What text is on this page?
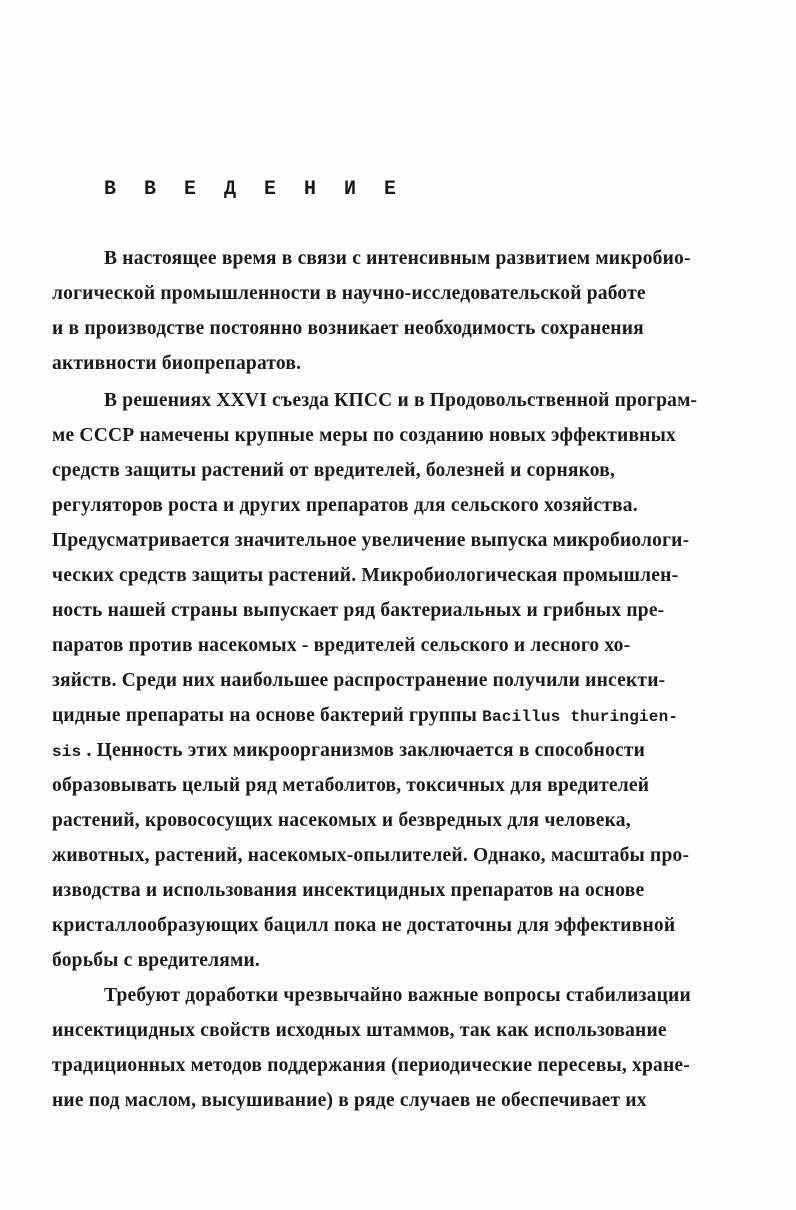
В В Е Д Е Н И Е
В настоящее время в связи с интенсивным развитием микробио-
логической промышленности в научно-исследовательской работе
и в производстве постоянно возникает необходимость сохранения
активности биопрепаратов.
В решениях XXVI съезда КПСС и в Продовольственной програм-
ме СССР намечены крупные меры по созданию новых эффективных
средств защиты растений от вредителей, болезней и сорняков,
регуляторов роста и других препаратов для сельского хозяйства.
Предусматривается значительное увеличение выпуска микробиологи-
ческих средств защиты растений. Микробиологическая промышлен-
ность нашей страны выпускает ряд бактериальных и грибных пре-
паратов против насекомых - вредителей сельского и лесного хо-
зяйств. Среди них наибольшее распространение получили инсекти-
цидные препараты на основе бактерий группы Bacillus thuringien-
sis . Ценность этих микроорганизмов заключается в способности
образовывать целый ряд метаболитов, токсичных для вредителей
растений, кровососущих насекомых и безвредных для человека,
животных, растений, насекомых-опылителей. Однако, масштабы про-
изводства и использования инсектицидных препаратов на основе
кристаллообразующих бацилл пока не достаточны для эффективной
борьбы с вредителями.
Требуют доработки чрезвычайно важные вопросы стабилизации
инсектицидных свойств исходных штаммов, так как использование
традиционных методов поддержания (периодические пересевы, хране-
ние под маслом, высушивание) в ряде случаев не обеспечивает их
